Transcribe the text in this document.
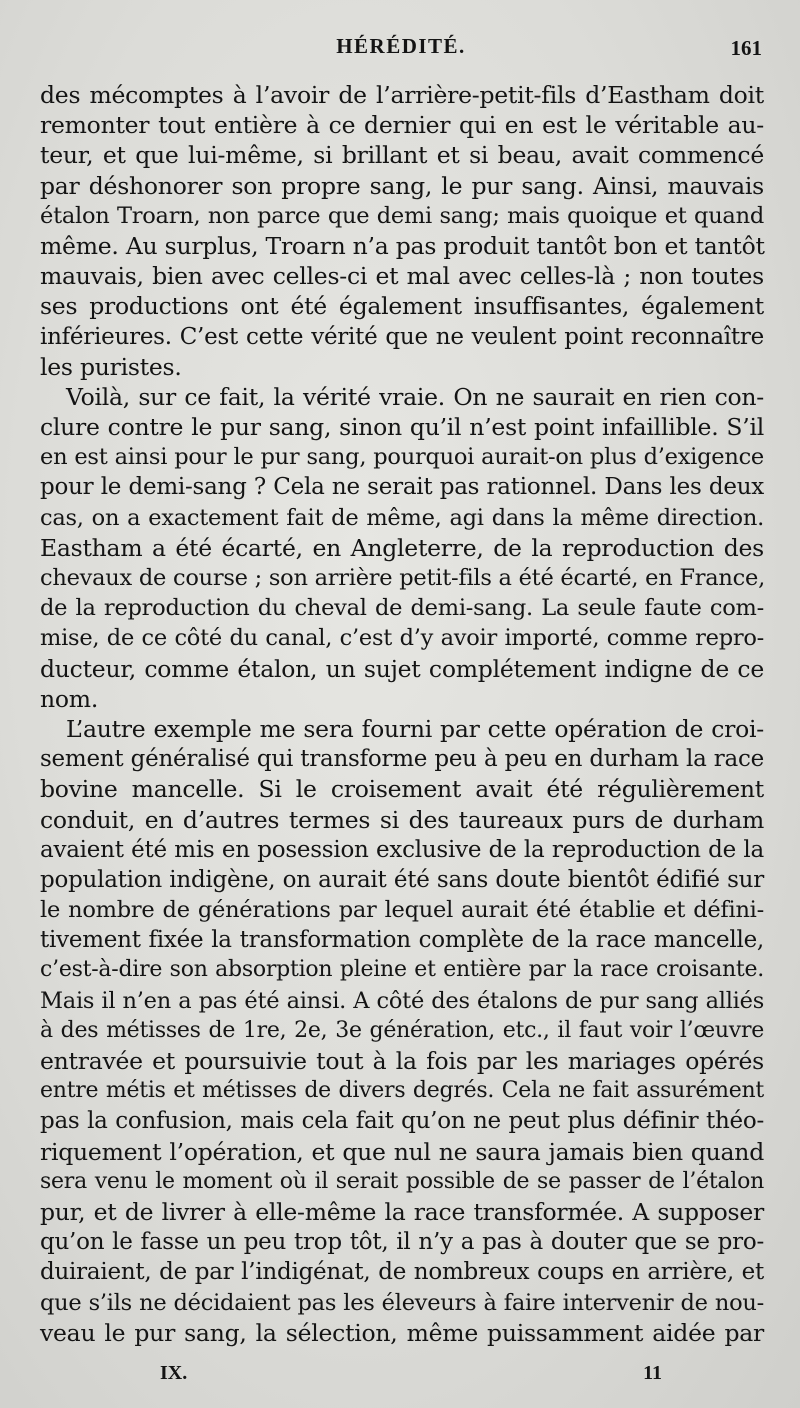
HÉRÉDITÉ.	161
des mécomptes à l’avoir de l’arrière-petit-fils d’Eastham doit
remonter tout entière à ce dernier qui en est le véritable au-
teur, et que lui-même, si brillant et si beau, avait commencé
par déshonorer son propre sang, le pur sang. Ainsi, mauvais
étalon Troarn, non parce que demi sang; mais quoique et quand
même. Au surplus, Troarn n’a pas produit tantôt bon et tantôt
mauvais, bien avec celles-ci et mal avec celles-là ; non toutes
ses productions ont été également insuffisantes, également
inférieures. C’est cette vérité que ne veulent point reconnaître
les puristes.
Voilà, sur ce fait, la vérité vraie. On ne saurait en rien con-
clure contre le pur sang, sinon qu’il n’est point infaillible. S’il
en est ainsi pour le pur sang, pourquoi aurait-on plus d’exigence
pour le demi-sang ? Cela ne serait pas rationnel. Dans les deux
cas, on a exactement fait de même, agi dans la même direction.
Eastham a été écarté, en Angleterre, de la reproduction des
chevaux de course ; son arrière petit-fils a été écarté, en France,
de la reproduction du cheval de demi-sang. La seule faute com-
mise, de ce côté du canal, c’est d’y avoir importé, comme repro-
ducteur, comme étalon, un sujet complétement indigne de ce
nom.
L’autre exemple me sera fourni par cette opération de croi-
sement généralisé qui transforme peu à peu en durham la race
bovine mancelle. Si le croisement avait été régulièrement
conduit, en d’autres termes si des taureaux purs de durham
avaient été mis en posession exclusive de la reproduction de la
population indigène, on aurait été sans doute bientôt édifié sur
le nombre de générations par lequel aurait été établie et défini-
tivement fixée la transformation complète de la race mancelle,
c’est-à-dire son absorption pleine et entière par la race croisante.
Mais il n’en a pas été ainsi. A côté des étalons de pur sang alliés
à des métisses de 1re, 2e, 3e génération, etc., il faut voir l’œuvre
entravée et poursuivie tout à la fois par les mariages opérés
entre métis et métisses de divers degrés. Cela ne fait assurément
pas la confusion, mais cela fait qu’on ne peut plus définir théo-
riquement l’opération, et que nul ne saura jamais bien quand
sera venu le moment où il serait possible de se passer de l’étalon
pur, et de livrer à elle-même la race transformée. A supposer
qu’on le fasse un peu trop tôt, il n’y a pas à douter que se pro-
duiraient, de par l’indigénat, de nombreux coups en arrière, et
que s’ils ne décidaient pas les éleveurs à faire intervenir de nou-
veau le pur sang, la sélection, même puissamment aidée par
IX.	11
